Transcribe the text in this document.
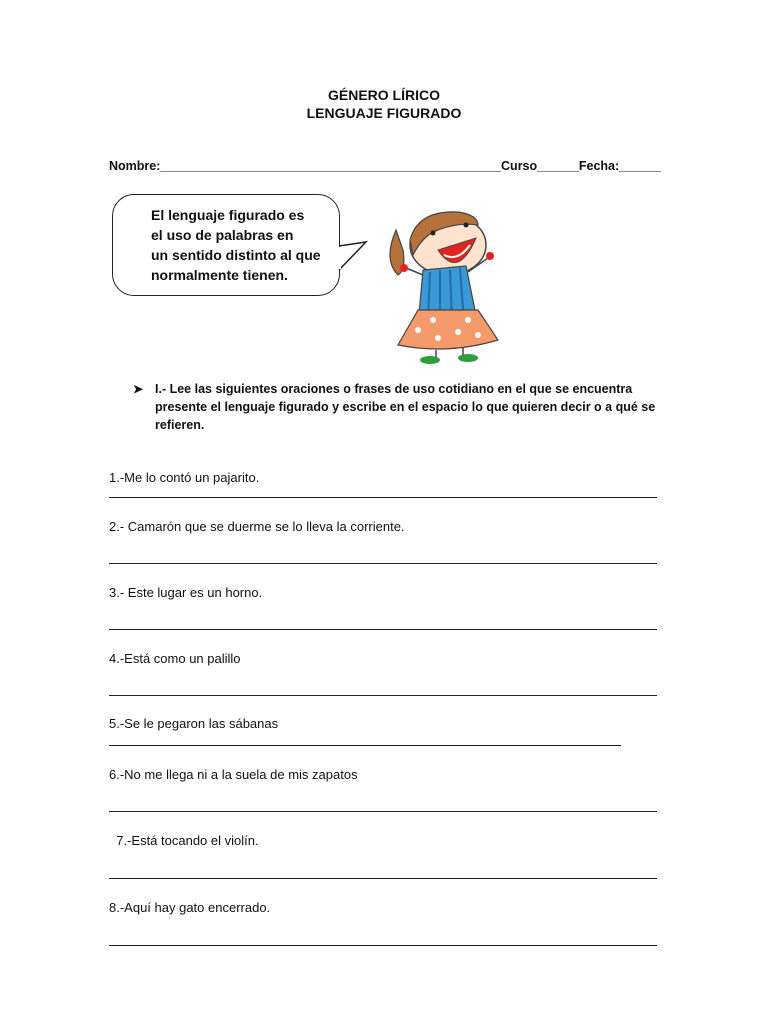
GÉNERO LÍRICO
LENGUAJE FIGURADO
Nombre:_________________________________________________Curso______Fecha:______
El lenguaje figurado es
el uso de palabras en
un sentido distinto al que
normalmente tienen.
➤ I.- Lee las siguientes oraciones o frases de uso cotidiano en el que se encuentra presente el lenguaje figurado y escribe en el espacio lo que quieren decir o a qué se refieren.
1.-Me lo contó un pajarito.
2.- Camarón que se duerme se lo lleva la corriente.
3.- Este lugar es un horno.
4.-Está como un palillo
5.-Se le pegaron las sábanas
6.-No me llega ni a la suela de mis zapatos
7.-Está tocando el violín.
8.-Aquí hay gato encerrado.
